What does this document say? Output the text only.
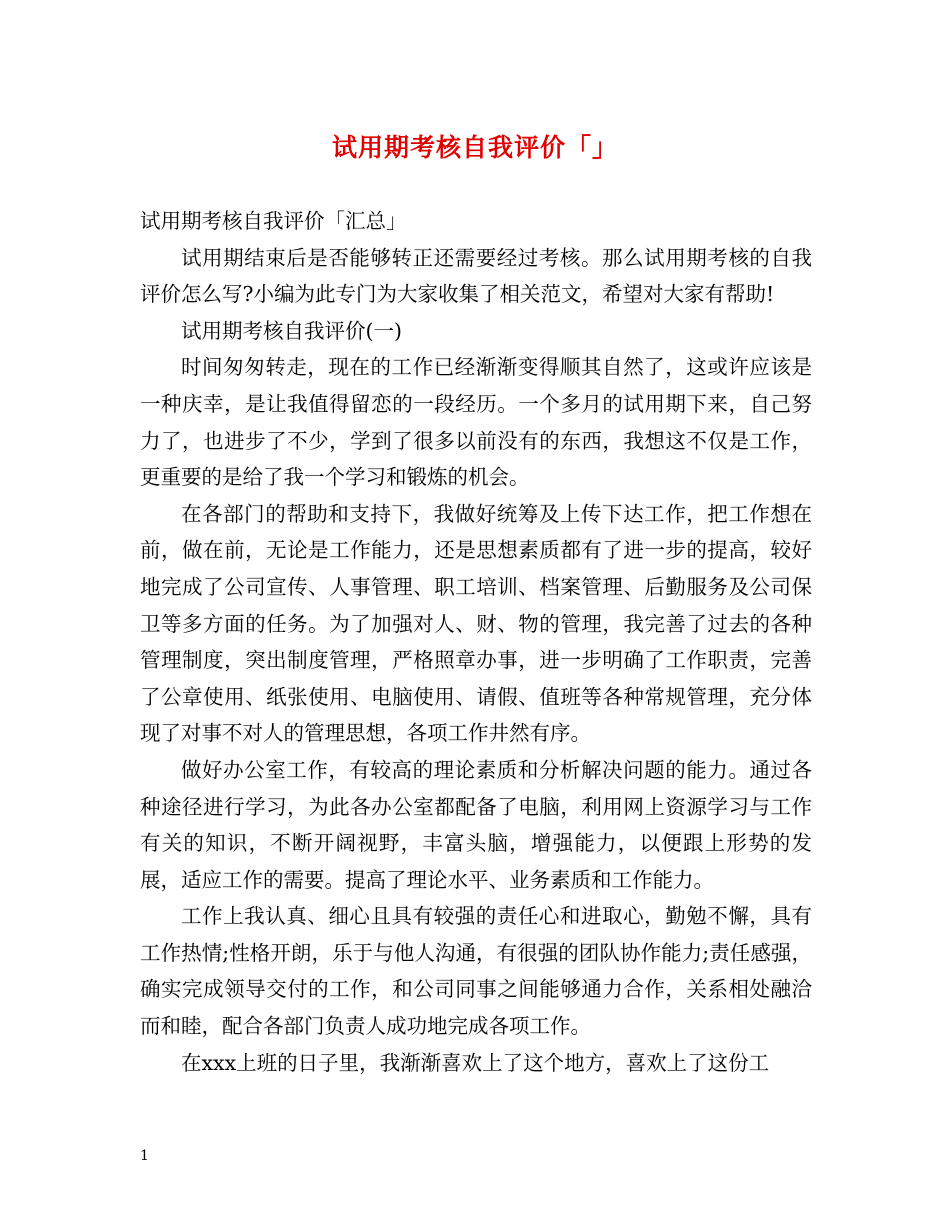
试用期考核自我评价「」

试用期考核自我评价「汇总」

试用期结束后是否能够转正还需要经过考核。那么试用期考核的自我评价怎么写?小编为此专门为大家收集了相关范文，希望对大家有帮助!

试用期考核自我评价(一)

时间匆匆转走，现在的工作已经渐渐变得顺其自然了，这或许应该是一种庆幸，是让我值得留恋的一段经历。一个多月的试用期下来，自己努力了，也进步了不少，学到了很多以前没有的东西，我想这不仅是工作，更重要的是给了我一个学习和锻炼的机会。

在各部门的帮助和支持下，我做好统筹及上传下达工作，把工作想在前，做在前，无论是工作能力，还是思想素质都有了进一步的提高，较好地完成了公司宣传、人事管理、职工培训、档案管理、后勤服务及公司保卫等多方面的任务。为了加强对人、财、物的管理，我完善了过去的各种管理制度，突出制度管理，严格照章办事，进一步明确了工作职责，完善了公章使用、纸张使用、电脑使用、请假、值班等各种常规管理，充分体现了对事不对人的管理思想，各项工作井然有序。

做好办公室工作，有较高的理论素质和分析解决问题的能力。通过各种途径进行学习，为此各办公室都配备了电脑，利用网上资源学习与工作有关的知识，不断开阔视野，丰富头脑，增强能力，以便跟上形势的发展，适应工作的需要。提高了理论水平、业务素质和工作能力。

工作上我认真、细心且具有较强的责任心和进取心，勤勉不懈，具有工作热情;性格开朗，乐于与他人沟通，有很强的团队协作能力;责任感强，确实完成领导交付的工作，和公司同事之间能够通力合作，关系相处融洽而和睦，配合各部门负责人成功地完成各项工作。

在xxx上班的日子里，我渐渐喜欢上了这个地方，喜欢上了这份工

1
